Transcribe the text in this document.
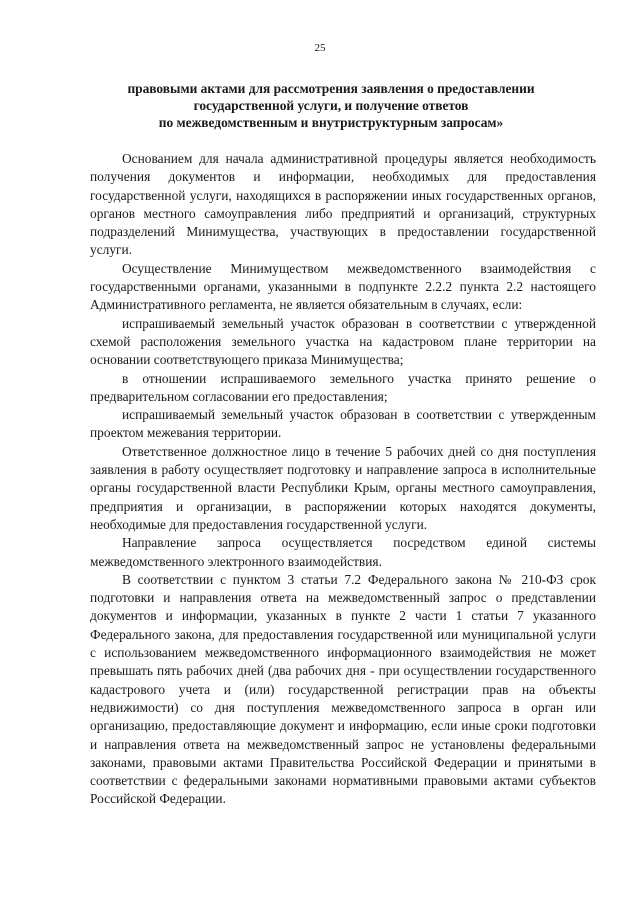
25
правовыми актами для рассмотрения заявления о предоставлении
государственной услуги, и получение ответов
по межведомственным и внутриструктурным запросам»

Основанием для начала административной процедуры является необходимость получения документов и информации, необходимых для предоставления государственной услуги, находящихся в распоряжении иных государственных органов, органов местного самоуправления либо предприятий и организаций, структурных подразделений Минимущества, участвующих в предоставлении государственной услуги.

Осуществление Минимуществом межведомственного взаимодействия с государственными органами, указанными в подпункте 2.2.2 пункта 2.2 настоящего Административного регламента, не является обязательным в случаях, если:

испрашиваемый земельный участок образован в соответствии с утвержденной схемой расположения земельного участка на кадастровом плане территории на основании соответствующего приказа Минимущества;

в отношении испрашиваемого земельного участка принято решение о предварительном согласовании его предоставления;

испрашиваемый земельный участок образован в соответствии с утвержденным проектом межевания территории.

Ответственное должностное лицо в течение 5 рабочих дней со дня поступления заявления в работу осуществляет подготовку и направление запроса в исполнительные органы государственной власти Республики Крым, органы местного самоуправления, предприятия и организации, в распоряжении которых находятся документы, необходимые для предоставления государственной услуги.

Направление запроса осуществляется посредством единой системы межведомственного электронного взаимодействия.

В соответствии с пунктом 3 статьи 7.2 Федерального закона № 210-ФЗ срок подготовки и направления ответа на межведомственный запрос о представлении документов и информации, указанных в пункте 2 части 1 статьи 7 указанного Федерального закона, для предоставления государственной или муниципальной услуги с использованием межведомственного информационного взаимодействия не может превышать пять рабочих дней (два рабочих дня - при осуществлении государственного кадастрового учета и (или) государственной регистрации прав на объекты недвижимости) со дня поступления межведомственного запроса в орган или организацию, предоставляющие документ и информацию, если иные сроки подготовки и направления ответа на межведомственный запрос не установлены федеральными законами, правовыми актами Правительства Российской Федерации и принятыми в соответствии с федеральными законами нормативными правовыми актами субъектов Российской Федерации.
